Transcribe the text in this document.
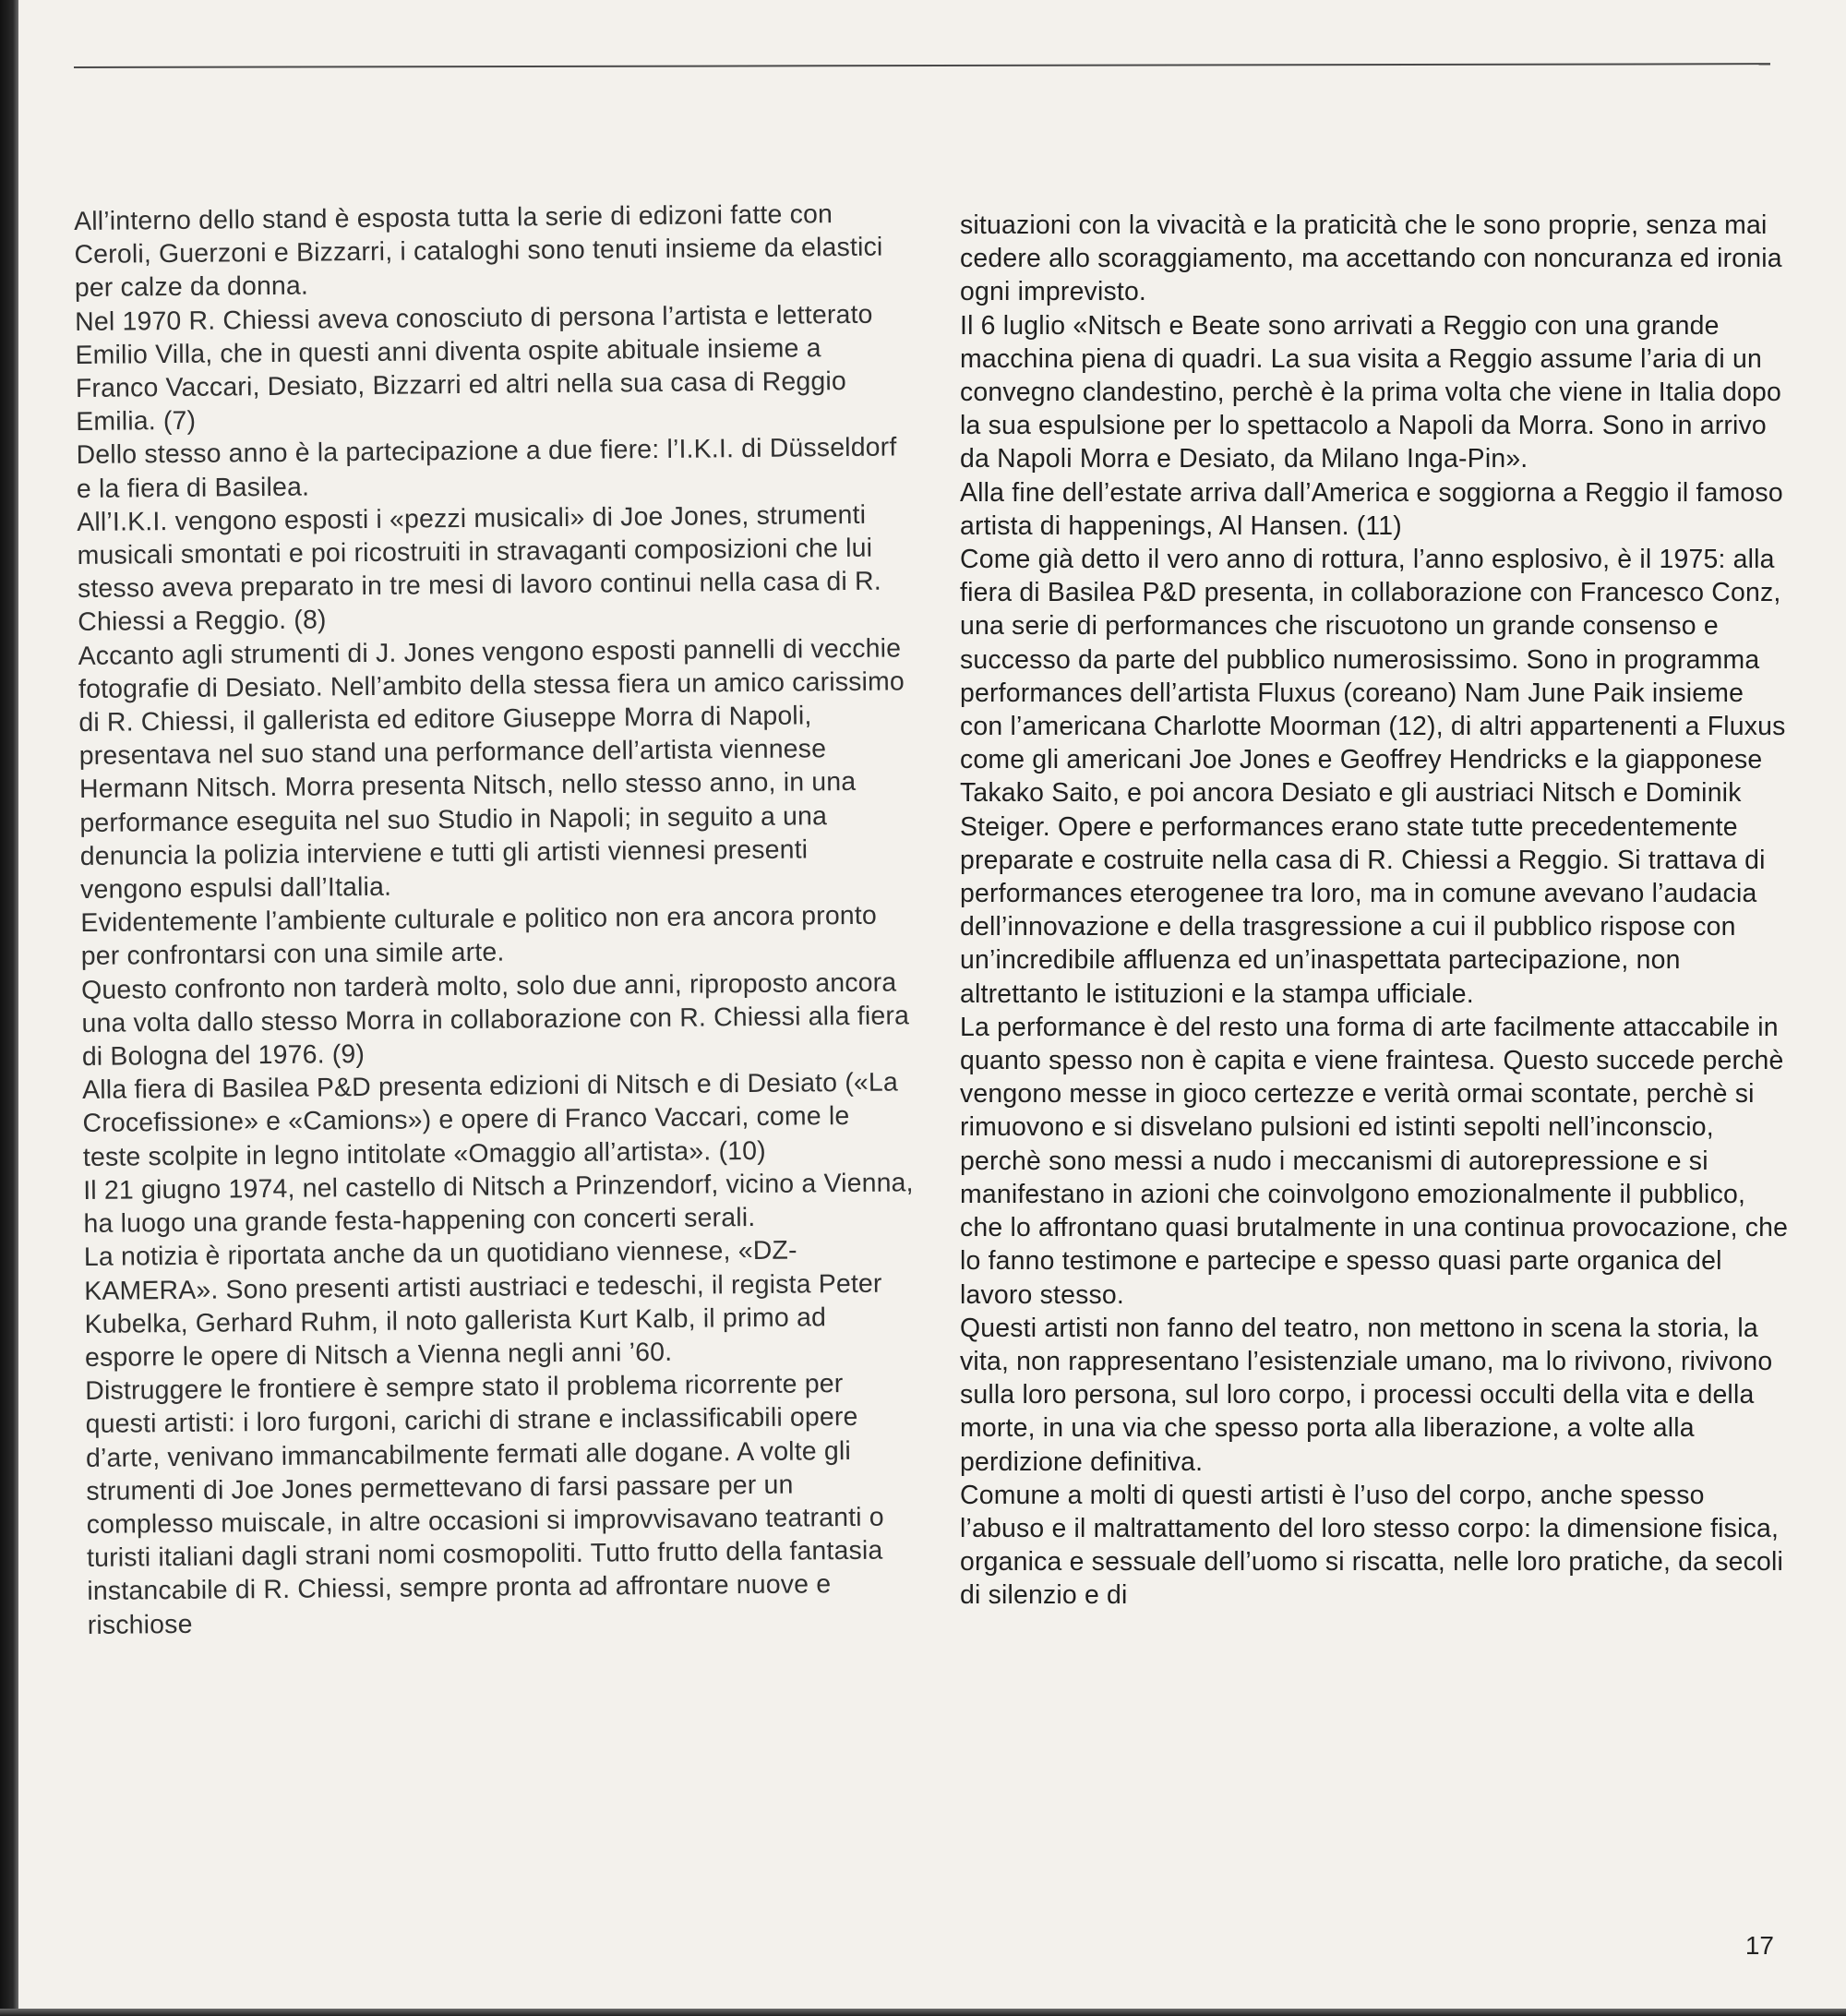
All’interno dello stand è esposta tutta la serie di edizoni fatte con Ceroli, Guerzoni e Bizzarri, i cataloghi sono tenuti insieme da elastici per calze da donna.

Nel 1970 R. Chiessi aveva conosciuto di persona l’artista e letterato Emilio Villa, che in questi anni diventa ospite abituale insieme a Franco Vaccari, Desiato, Bizzarri ed altri nella sua casa di Reggio Emilia. (7)

Dello stesso anno è la partecipazione a due fiere: l’I.K.I. di Düsseldorf e la fiera di Basilea.

All’I.K.I. vengono esposti i «pezzi musicali» di Joe Jones, strumenti musicali smontati e poi ricostruiti in stravaganti composizioni che lui stesso aveva preparato in tre mesi di lavoro continui nella casa di R. Chiessi a Reggio. (8)

Accanto agli strumenti di J. Jones vengono esposti pannelli di vecchie fotografie di Desiato. Nell’ambito della stessa fiera un amico carissimo di R. Chiessi, il gallerista ed editore Giuseppe Morra di Napoli, presentava nel suo stand una performance dell’artista viennese Hermann Nitsch. Morra presenta Nitsch, nello stesso anno, in una performance eseguita nel suo Studio in Napoli; in seguito a una denuncia la polizia interviene e tutti gli artisti viennesi presenti vengono espulsi dall’Italia.

Evidentemente l’ambiente culturale e politico non era ancora pronto per confrontarsi con una simile arte.

Questo confronto non tarderà molto, solo due anni, riproposto ancora una volta dallo stesso Morra in collaborazione con R. Chiessi alla fiera di Bologna del 1976. (9)

Alla fiera di Basilea P&D presenta edizioni di Nitsch e di Desiato («La Crocefissione» e «Camions») e opere di Franco Vaccari, come le teste scolpite in legno intitolate «Omaggio all’artista». (10)

Il 21 giugno 1974, nel castello di Nitsch a Prinzendorf, vicino a Vienna, ha luogo una grande festa-happening con concerti serali.

La notizia è riportata anche da un quotidiano viennese, «DZ-KAMERA». Sono presenti artisti austriaci e tedeschi, il regista Peter Kubelka, Gerhard Ruhm, il noto gallerista Kurt Kalb, il primo ad esporre le opere di Nitsch a Vienna negli anni ’60.

Distruggere le frontiere è sempre stato il problema ricorrente per questi artisti: i loro furgoni, carichi di strane e inclassificabili opere d’arte, venivano immancabilmente fermati alle dogane. A volte gli strumenti di Joe Jones permettevano di farsi passare per un complesso muiscale, in altre occasioni si improvvisavano teatranti o turisti italiani dagli strani nomi cosmopoliti. Tutto frutto della fantasia instancabile di R. Chiessi, sempre pronta ad affrontare nuove e rischiose

situazioni con la vivacità e la praticità che le sono proprie, senza mai cedere allo scoraggiamento, ma accettando con noncuranza ed ironia ogni imprevisto.

Il 6 luglio «Nitsch e Beate sono arrivati a Reggio con una grande macchina piena di quadri. La sua visita a Reggio assume l’aria di un convegno clandestino, perchè è la prima volta che viene in Italia dopo la sua espulsione per lo spettacolo a Napoli da Morra. Sono in arrivo da Napoli Morra e Desiato, da Milano Inga-Pin».

Alla fine dell’estate arriva dall’America e soggiorna a Reggio il famoso artista di happenings, Al Hansen. (11)

Come già detto il vero anno di rottura, l’anno esplosivo, è il 1975: alla fiera di Basilea P&D presenta, in collaborazione con Francesco Conz, una serie di performances che riscuotono un grande consenso e successo da parte del pubblico numerosissimo. Sono in programma performances dell’artista Fluxus (coreano) Nam June Paik insieme con l’americana Charlotte Moorman (12), di altri appartenenti a Fluxus come gli americani Joe Jones e Geoffrey Hendricks e la giapponese Takako Saito, e poi ancora Desiato e gli austriaci Nitsch e Dominik Steiger. Opere e performances erano state tutte precedentemente preparate e costruite nella casa di R. Chiessi a Reggio. Si trattava di performances eterogenee tra loro, ma in comune avevano l’audacia dell’innovazione e della trasgressione a cui il pubblico rispose con un’incredibile affluenza ed un’inaspettata partecipazione, non altrettanto le istituzioni e la stampa ufficiale.

La performance è del resto una forma di arte facilmente attaccabile in quanto spesso non è capita e viene fraintesa. Questo succede perchè vengono messe in gioco certezze e verità ormai scontate, perchè si rimuovono e si disvelano pulsioni ed istinti sepolti nell’inconscio, perchè sono messi a nudo i meccanismi di autorepressione e si manifestano in azioni che coinvolgono emozionalmente il pubblico, che lo affrontano quasi brutalmente in una continua provocazione, che lo fanno testimone e partecipe e spesso quasi parte organica del lavoro stesso.

Questi artisti non fanno del teatro, non mettono in scena la storia, la vita, non rappresentano l’esistenziale umano, ma lo rivivono, rivivono sulla loro persona, sul loro corpo, i processi occulti della vita e della morte, in una via che spesso porta alla liberazione, a volte alla perdizione definitiva.

Comune a molti di questi artisti è l’uso del corpo, anche spesso l’abuso e il maltrattamento del loro stesso corpo: la dimensione fisica, organica e sessuale dell’uomo si riscatta, nelle loro pratiche, da secoli di silenzio e di

17
